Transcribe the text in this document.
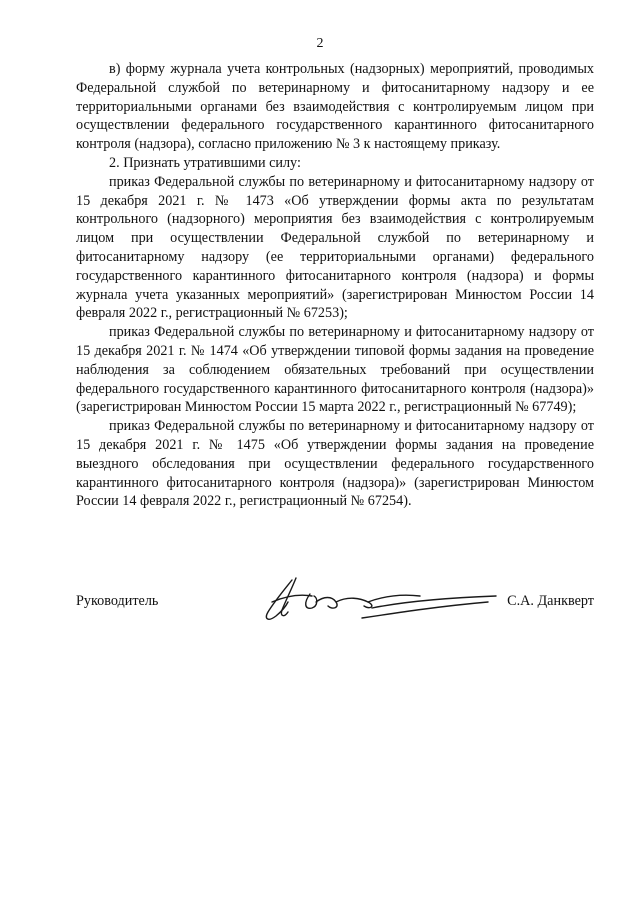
2

в) форму журнала учета контрольных (надзорных) мероприятий, проводимых Федеральной службой по ветеринарному и фитосанитарному надзору и ее территориальными органами без взаимодействия с контролируемым лицом при осуществлении федерального государственного карантинного фитосанитарного контроля (надзора), согласно приложению № 3 к настоящему приказу.

2. Признать утратившими силу:

приказ Федеральной службы по ветеринарному и фитосанитарному надзору от 15 декабря 2021 г. № 1473 «Об утверждении формы акта по результатам контрольного (надзорного) мероприятия без взаимодействия с контролируемым лицом при осуществлении Федеральной службой по ветеринарному и фитосанитарному надзору (ее территориальными органами) федерального государственного карантинного фитосанитарного контроля (надзора) и формы журнала учета указанных мероприятий» (зарегистрирован Минюстом России 14 февраля 2022 г., регистрационный № 67253);

приказ Федеральной службы по ветеринарному и фитосанитарному надзору от 15 декабря 2021 г. № 1474 «Об утверждении типовой формы задания на проведение наблюдения за соблюдением обязательных требований при осуществлении федерального государственного карантинного фитосанитарного контроля (надзора)» (зарегистрирован Минюстом России 15 марта 2022 г., регистрационный № 67749);

приказ Федеральной службы по ветеринарному и фитосанитарному надзору от 15 декабря 2021 г. № 1475 «Об утверждении формы задания на проведение выездного обследования при осуществлении федерального государственного карантинного фитосанитарного контроля (надзора)» (зарегистрирован Минюстом России 14 февраля 2022 г., регистрационный № 67254).

Руководитель	С.А. Данкверт
